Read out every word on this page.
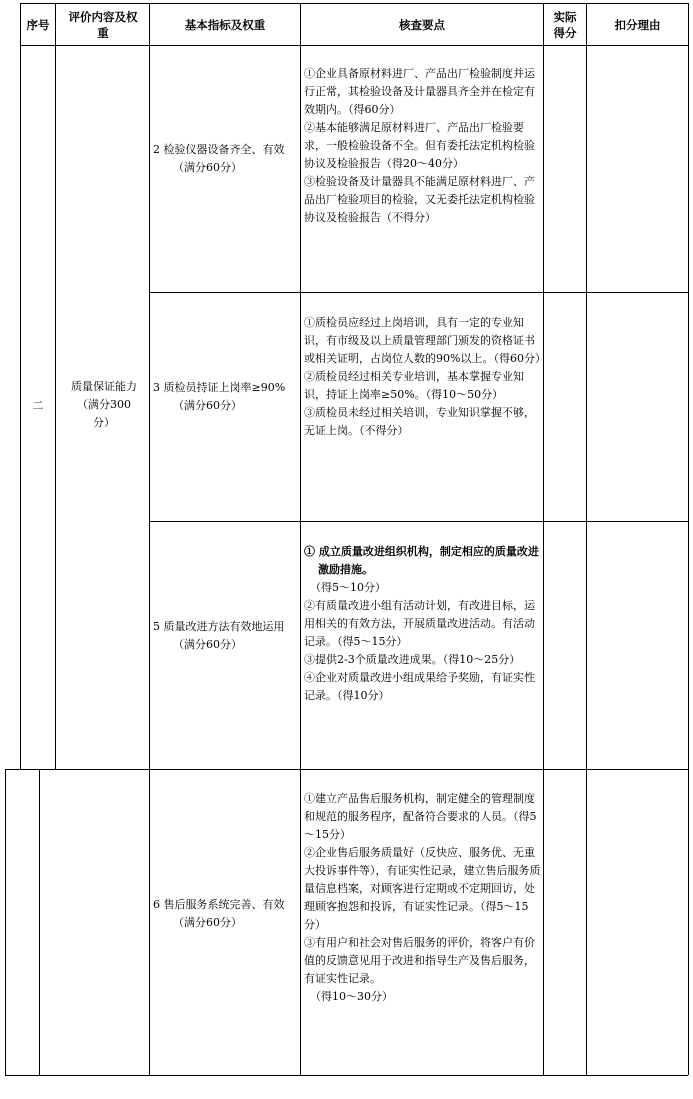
序号
评价内容及权重
基本指标及权重	核查要点
实际得分
扣分理由
二
质量保证能力
（满分300分）
2 检验仪器设备齐全、有效
（满分60分）
①企业具备原材料进厂、产品出厂检验制度并运行正常，其检验设备及计量器具齐全并在检定有效期内。（得60分）
②基本能够满足原材料进厂、产品出厂检验要求，一般检验设备不全。但有委托法定机构检验协议及检验报告（得20～40分）
③检验设备及计量器具不能满足原材料进厂、产品出厂检验项目的检验，又无委托法定机构检验协议及检验报告（不得分）
3 质检员持证上岗率≥90%
（满分60分）
①质检员应经过上岗培训，具有一定的专业知识，有市级及以上质量管理部门颁发的资格证书或相关证明，占岗位人数的90%以上。（得60分）
②质检员经过相关专业培训，基本掌握专业知识，持证上岗率≥50%。（得10～50分）
③质检员未经过相关培训，专业知识掌握不够，无证上岗。（不得分）
5 质量改进方法有效地运用
（满分60分）
① 成立质量改进组织机构，制定相应的质量改进激励措施。
（得5～10分）
②有质量改进小组有活动计划，有改进目标，运用相关的有效方法，开展质量改进活动。有活动记录。（得5～15分）
③提供2-3个质量改进成果。（得10～25分）
④企业对质量改进小组成果给予奖励，有证实性记录。（得10分）
6 售后服务系统完善、有效
（满分60分）
①建立产品售后服务机构，制定健全的管理制度和规范的服务程序，配备符合要求的人员。（得5～15分）
②企业售后服务质量好（反快应、服务优、无重大投诉事件等），有证实性记录，建立售后服务质量信息档案，对顾客进行定期或不定期回访，处理顾客抱怨和投诉，有证实性记录。（得5～15分）
③有用户和社会对售后服务的评价，将客户有价值的反馈意见用于改进和指导生产及售后服务，有证实性记录。
（得10～30分）
